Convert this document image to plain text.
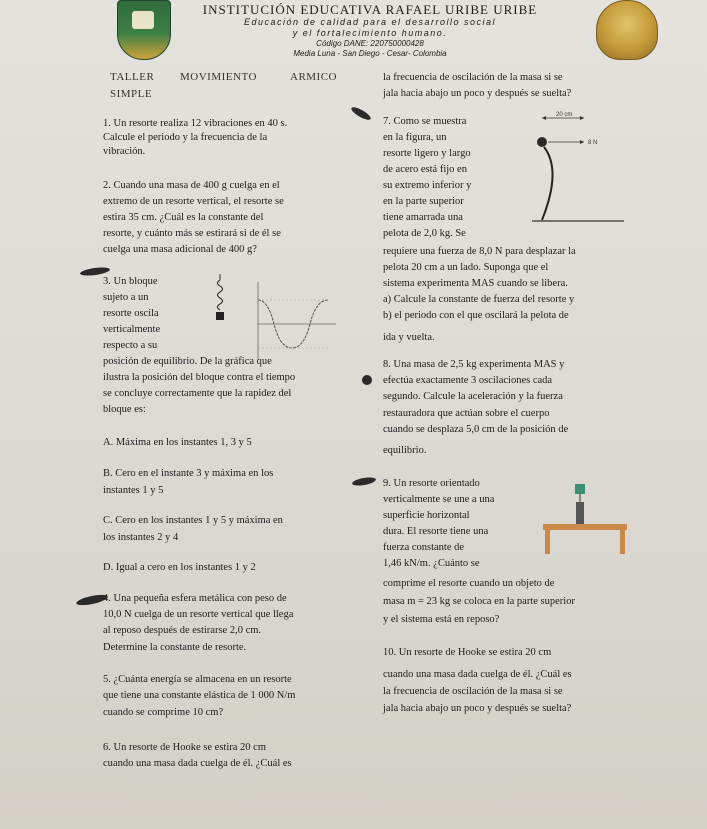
INSTITUCIÓN EDUCATIVA RAFAEL URIBE URIBE
Educación de calidad para el desarrollo social
y el fortalecimiento humano.
Código DANE: 220750000428
Media Luna - San Diego - Cesar- Colombia
TALLER MOVIMIENTO	ARMICO
SIMPLE
la frecuencia de oscilación de la masa si se
jala hacia abajo un poco y después se suelta?
1. Un resorte realiza 12 vibraciones en 40 s.
Calcule el periodo y la frecuencia de la
vibración.
2. Cuando una masa de 400 g cuelga en el
extremo de un resorte vertical, el resorte se
estira 35 cm. ¿Cuál es la constante del
resorte, y cuánto más se estirará si de él se
cuelga una masa adicional de 400 g?
3. Un bloque
sujeto a un
resorte oscila
verticalmente
respecto a su
posición de equilibrio. De la gráfica que
ilustra la posición del bloque contra el tiempo
se concluye correctamente que la rapidez del
bloque es:
A. Máxima en los instantes 1, 3 y 5
B. Cero en el instante 3 y máxima en los
instantes 1 y 5
C. Cero en los instantes 1 y 5 y máxima en
los instantes 2 y 4
D. Igual a cero en los instantes 1 y 2
4. Una pequeña esfera metálica con peso de
10,0 N cuelga de un resorte vertical que llega
al reposo después de estirarse 2,0 cm.
Determine la constante de resorte.
5. ¿Cuánta energía se almacena en un resorte
que tiene una constante elástica de 1 000 N/m
cuando se comprime 10 cm?
6. Un resorte de Hooke se estira 20 cm
cuando una masa dada cuelga de él. ¿Cuál es
7. Como se muestra
en la figura, un
resorte ligero y largo
de acero está fijo en
su extremo inferior y
en la parte superior
tiene amarrada una
pelota de 2,0 kg. Se
20 cm
8 N
requiere una fuerza de 8,0 N para desplazar la
pelota 20 cm a un lado. Suponga que el
sistema experimenta MAS cuando se libera.
a) Calcule la constante de fuerza del resorte y
b) el periodo con el que oscilará la pelota de
ida y vuelta.
8. Una masa de 2,5 kg experimenta MAS y
efectúa exactamente 3 oscilaciones cada
segundo. Calcule la aceleración y la fuerza
restauradora que actúan sobre el cuerpo
cuando se desplaza 5,0 cm de la posición de
equilibrio.
9. Un resorte orientado
verticalmente se une a una
superficie horizontal
dura. El resorte tiene una
fuerza constante de
1,46 kN/m. ¿Cuánto se
comprime el resorte cuando un objeto de
masa m = 23 kg se coloca en la parte superior
y el sistema está en reposo?
10. Un resorte de Hooke se estira 20 cm
cuando una masa dada cuelga de él. ¿Cuál es
la frecuencia de oscilación de la masa si se
jala hacia abajo un poco y después se suelta?
